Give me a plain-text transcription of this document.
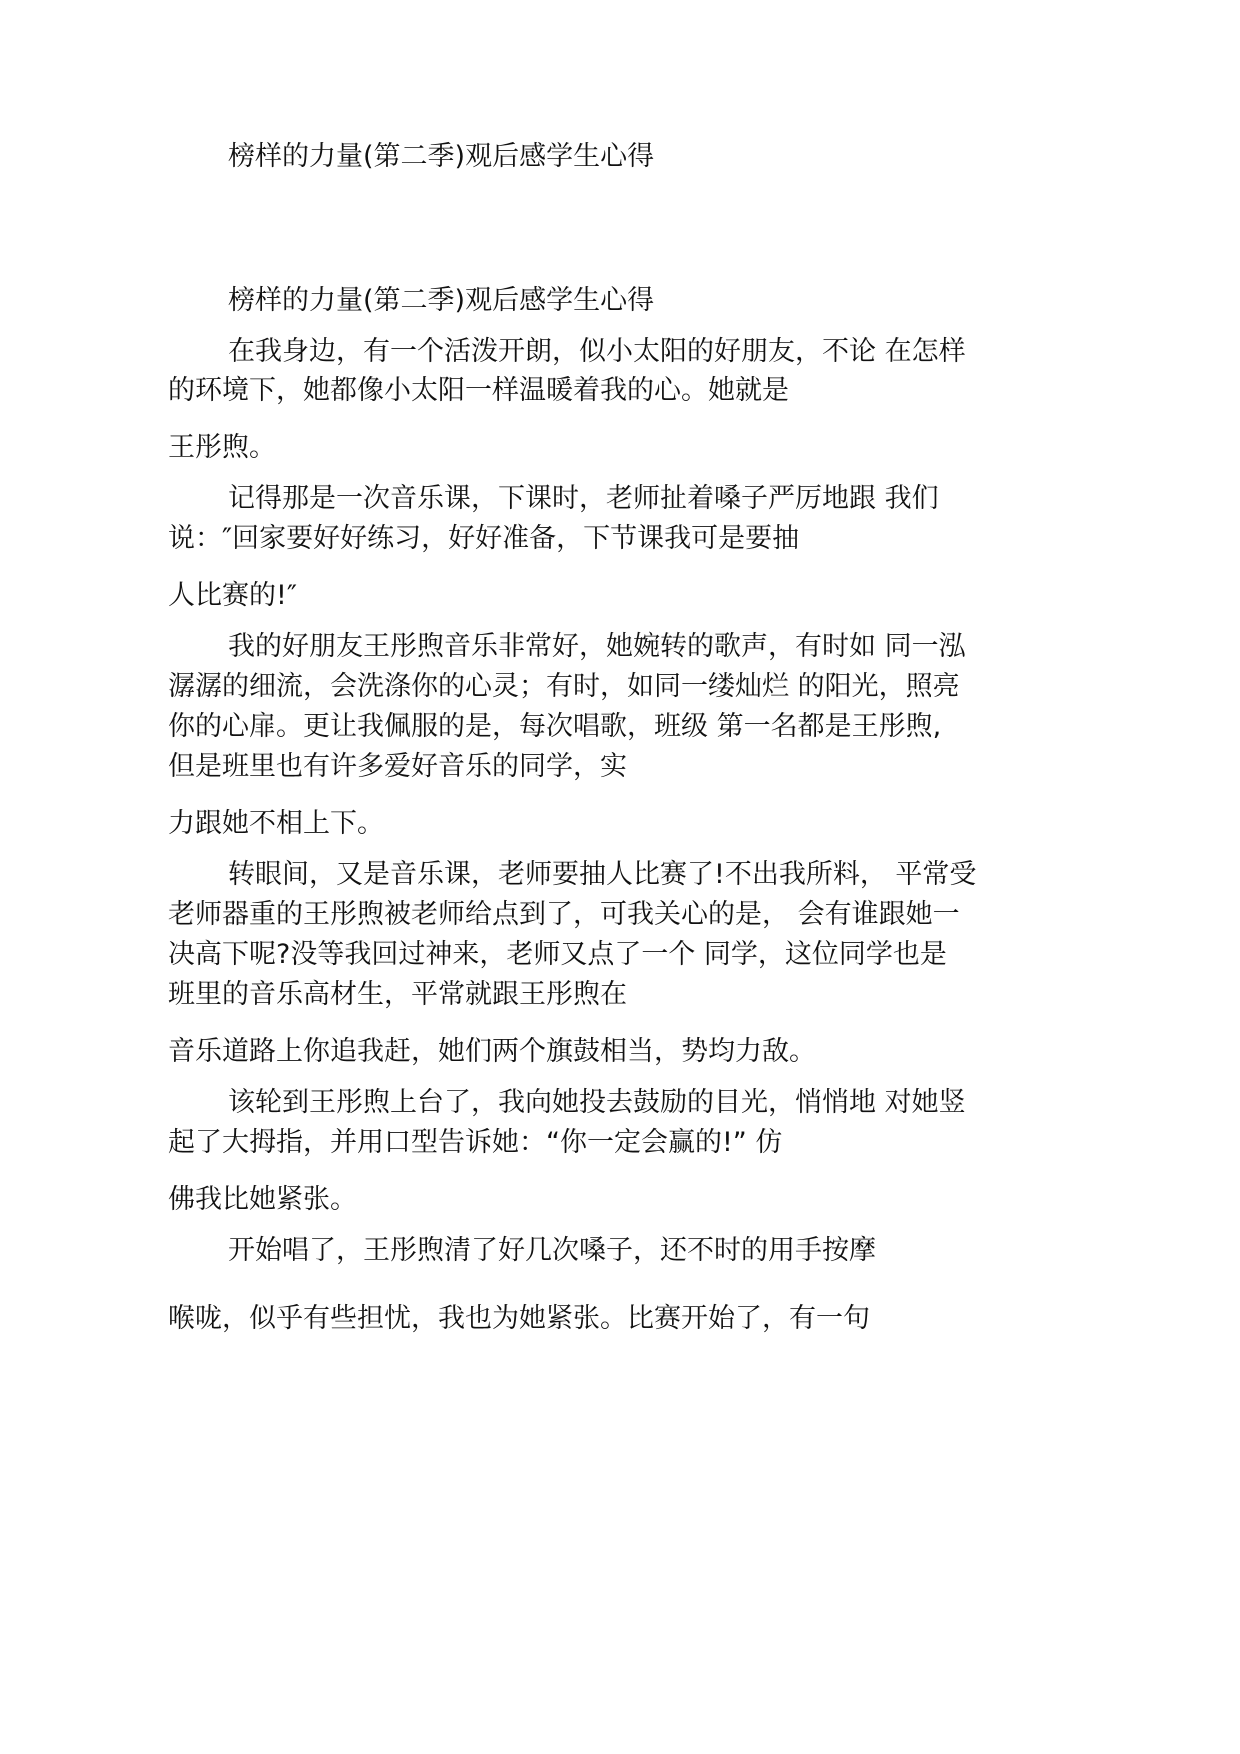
榜样的力量(第二季)观后感学生心得
榜样的力量(第二季)观后感学生心得
在我身边，有一个活泼开朗，似小太阳的好朋友，不论 在怎样
的环境下，她都像小太阳一样温暖着我的心。她就是
王彤煦。
记得那是一次音乐课，下课时，老师扯着嗓子严厉地跟 我们
说：″回家要好好练习，好好准备，下节课我可是要抽
人比赛的!″
我的好朋友王彤煦音乐非常好，她婉转的歌声，有时如 同一泓
潺潺的细流，会洗涤你的心灵；有时，如同一缕灿烂 的阳光，照亮
你的心扉。更让我佩服的是，每次唱歌，班级 第一名都是王彤煦,
但是班里也有许多爱好音乐的同学，实
力跟她不相上下。
转眼间，又是音乐课，老师要抽人比赛了!不出我所料， 平常受
老师器重的王彤煦被老师给点到了，可我关心的是， 会有谁跟她一
决高下呢?没等我回过神来，老师又点了一个 同学，这位同学也是
班里的音乐高材生，平常就跟王彤煦在
音乐道路上你追我赶，她们两个旗鼓相当，势均力敌。
该轮到王彤煦上台了，我向她投去鼓励的目光，悄悄地 对她竖
起了大拇指，并用口型告诉她：“你一定会赢的!” 仿
佛我比她紧张。
开始唱了，王彤煦清了好几次嗓子，还不时的用手按摩
喉咙，似乎有些担忧，我也为她紧张。比赛开始了，有一句
